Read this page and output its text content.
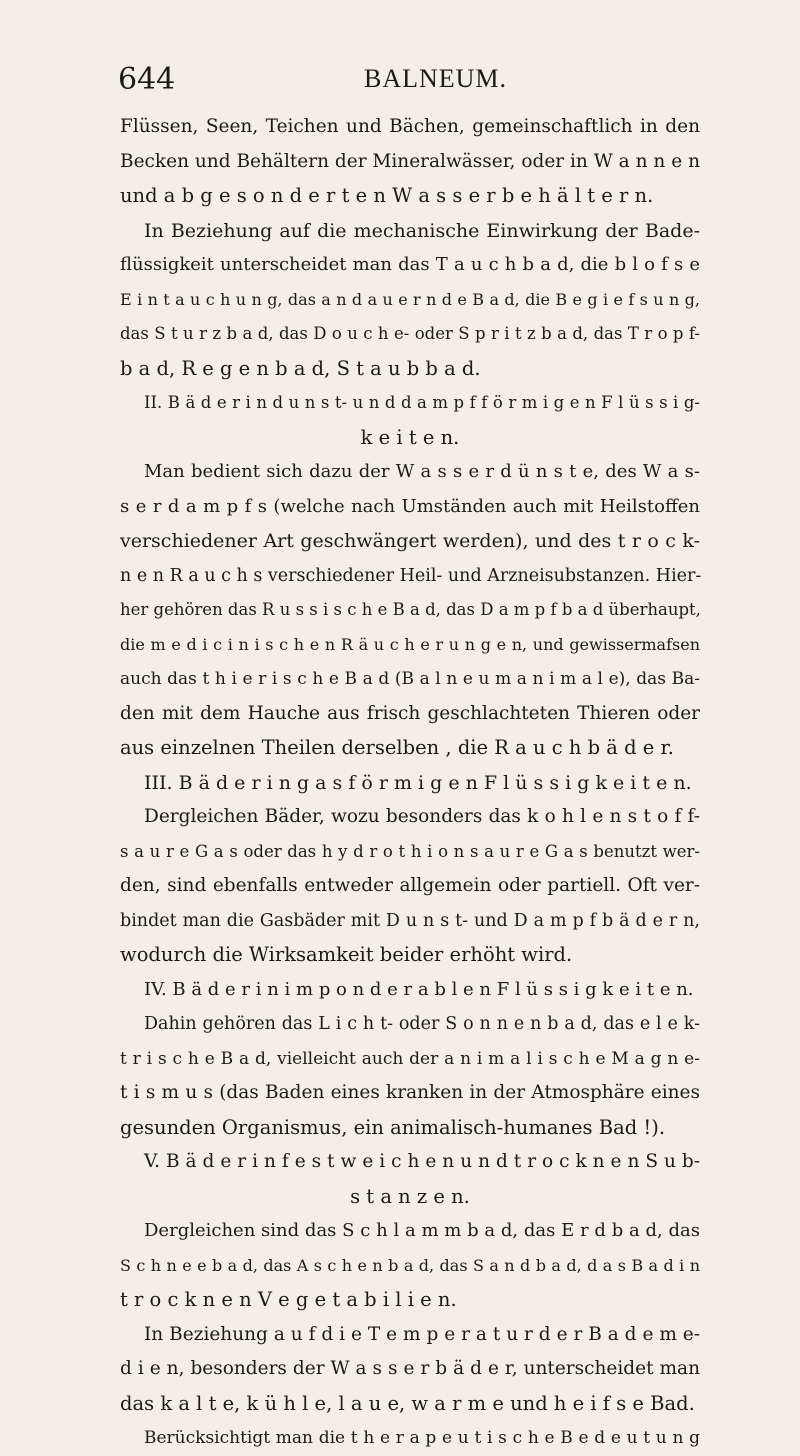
644	BALNEUM.
Flüssen, Seen, Teichen und Bächen, gemeinschaftlich in den
Becken und Behältern der Mineralwässer, oder in W a n n e n
und a b g e s o n d e r t e n W a s s e r b e h ä l t e r n.
In Beziehung auf die mechanische Einwirkung der Bade-
flüssigkeit unterscheidet man das T a u c h b a d, die b l o f s e
E i n t a u c h u n g, das a n d a u e r n d e B a d, die B e g i e f s u n g,
das S t u r z b a d, das D o u c h e- oder S p r i t z b a d, das T r o p f-
b a d, R e g e n b a d, S t a u b b a d.
II. B ä d e r i n d u n s t- u n d d a m p f f ö r m i g e n F l ü s s i g-
k e i t e n.
Man bedient sich dazu der W a s s e r d ü n s t e, des W a s-
s e r d a m p f s (welche nach Umständen auch mit Heilstoffen
verschiedener Art geschwängert werden), und des t r o c k-
n e n R a u c h s verschiedener Heil- und Arzneisubstanzen. Hier-
her gehören das R u s s i s c h e B a d, das D a m p f b a d überhaupt,
die m e d i c i n i s c h e n R ä u c h e r u n g e n, und gewissermafsen
auch das t h i e r i s c h e B a d (B a l n e u m a n i m a l e), das Ba-
den mit dem Hauche aus frisch geschlachteten Thieren oder
aus einzelnen Theilen derselben , die R a u c h b ä d e r.
III. B ä d e r i n g a s f ö r m i g e n F l ü s s i g k e i t e n.
Dergleichen Bäder, wozu besonders das k o h l e n s t o f f-
s a u r e G a s oder das h y d r o t h i o n s a u r e G a s benutzt wer-
den, sind ebenfalls entweder allgemein oder partiell. Oft ver-
bindet man die Gasbäder mit D u n s t- und D a m p f b ä d e r n,
wodurch die Wirksamkeit beider erhöht wird.
IV. B ä d e r i n i m p o n d e r a b l e n F l ü s s i g k e i t e n.
Dahin gehören das L i c h t- oder S o n n e n b a d, das e l e k-
t r i s c h e B a d, vielleicht auch der a n i m a l i s c h e M a g n e-
t i s m u s (das Baden eines kranken in der Atmosphäre eines
gesunden Organismus, ein animalisch-humanes Bad !).
V. B ä d e r i n f e s t w e i c h e n u n d t r o c k n e n S u b-
s t a n z e n.
Dergleichen sind das S c h l a m m b a d, das E r d b a d, das
S c h n e e b a d, das A s c h e n b a d, das S a n d b a d, d a s B a d i n
t r o c k n e n V e g e t a b i l i e n.
In Beziehung a u f d i e T e m p e r a t u r d e r B a d e m e-
d i e n, besonders der W a s s e r b ä d e r, unterscheidet man
das k a l t e, k ü h l e, l a u e, w a r m e und h e i f s e Bad.
Berücksichtigt man die t h e r a p e u t i s c h e B e d e u t u n g
